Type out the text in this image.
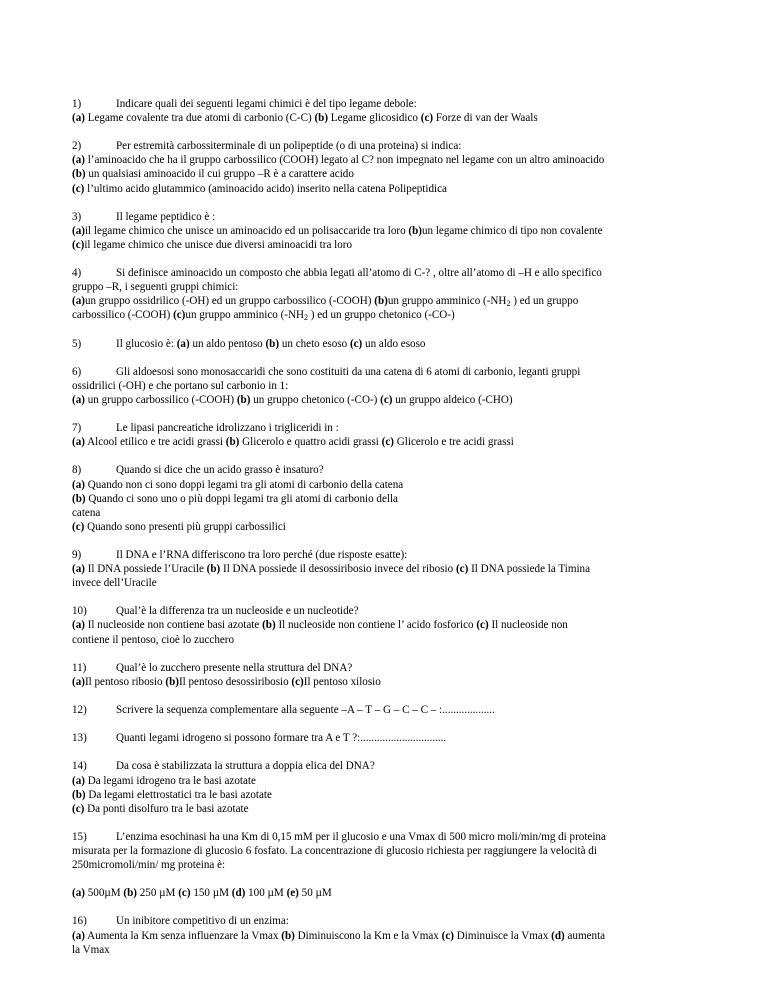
1)	Indicare quali dei seguenti legami chimici è del tipo legame debole:

(a) Legame covalente tra due atomi di carbonio (C-C) (b) Legame glicosidico (c) Forze di van der Waals

2)	Per estremità carbossiterminale di un polipeptide (o di una proteina) si indica:

(a) l’aminoacido che ha il gruppo carbossilico (COOH) legato al C? non impegnato nel legame con un altro aminoacido

(b) un qualsiasi aminoacido il cui gruppo –R è a carattere acido

(c) l’ultimo acido glutammico (aminoacido acido) inserito nella catena Polipeptidica

3)	Il legame peptidico è :

(a)il legame chimico che unisce un aminoacido ed un polisaccaride tra loro (b)un legame chimico di tipo non covalente

(c)il legame chimico che unisce due diversi aminoacidi tra loro

4)	Si definisce aminoacido un composto che abbia legati all’atomo di C-? , oltre all’atomo di –H e allo specifico

gruppo –R, i seguenti gruppi chimici:

(a)un gruppo ossidrilico (-OH) ed un gruppo carbossilico (-COOH) (b)un gruppo amminico ($-NH_2$ ) ed un gruppo

carbossilico (-COOH) (c)un gruppo amminico ($-NH_2$ ) ed un gruppo chetonico (-CO-)

5)	Il glucosio è: (a) un aldo pentoso (b) un cheto esoso (c) un aldo esoso

6)	Gli aldoesosi sono monosaccaridi che sono costituiti da una catena di 6 atomi di carbonio, leganti gruppi

ossidrilici (-OH) e che portano sul carbonio in 1:

(a) un gruppo carbossilico (-COOH) (b) un gruppo chetonico (-CO-) (c) un gruppo aldeico (-CHO)

7)	Le lipasi pancreatiche idrolizzano i trigliceridi in :

(a) Alcool etilico e tre acidi grassi (b) Glicerolo e quattro acidi grassi (c) Glicerolo e tre acidi grassi

8)	Quando si dice che un acido grasso è insaturo?

(a) Quando non ci sono doppi legami tra gli atomi di carbonio della catena

(b) Quando ci sono uno o più doppi legami tra gli atomi di carbonio della

catena

(c) Quando sono presenti più gruppi carbossilici

9)	Il DNA e l’RNA differiscono tra loro perché (due risposte esatte):

(a) Il DNA possiede l’Uracile (b) Il DNA possiede il desossiribosio invece del ribosio (c) Il DNA possiede la Timina

invece dell’Uracile

10)	Qual’è la differenza tra un nucleoside e un nucleotide?

(a) Il nucleoside non contiene basi azotate (b) Il nucleoside non contiene l’ acido fosforico (c) Il nucleoside non

contiene il pentoso, cioè lo zucchero

11)	Qual’è lo zucchero presente nella struttura del DNA?

(a)Il pentoso ribosio (b)Il pentoso desossiribosio (c)Il pentoso xilosio

12)	Scrivere la sequenza complementare alla seguente –A – T – G – C – C – :...................

13)	Quanti legami idrogeno si possono formare tra A e T ?:...............................

14)	Da cosa è stabilizzata la struttura a doppia elica del DNA?

(a) Da legami idrogeno tra le basi azotate

(b) Da legami elettrostatici tra le basi azotate

(c) Da ponti disolfuro tra le basi azotate

15)	L’enzima esochinasi ha una Km di 0,15 mM per il glucosio e una Vmax di 500 micro moli/min/mg di proteina

misurata per la formazione di glucosio 6 fosfato. La concentrazione di glucosio richiesta per raggiungere la velocità di

250micromoli/min/ mg proteina è:

(a) 500µM (b) 250 µM (c) 150 µM (d) 100 µM (e) 50 µM

16)	Un inibitore competitivo di un enzima:

(a) Aumenta la Km senza influenzare la Vmax (b) Diminuiscono la Km e la Vmax (c) Diminuisce la Vmax (d) aumenta

la Vmax
